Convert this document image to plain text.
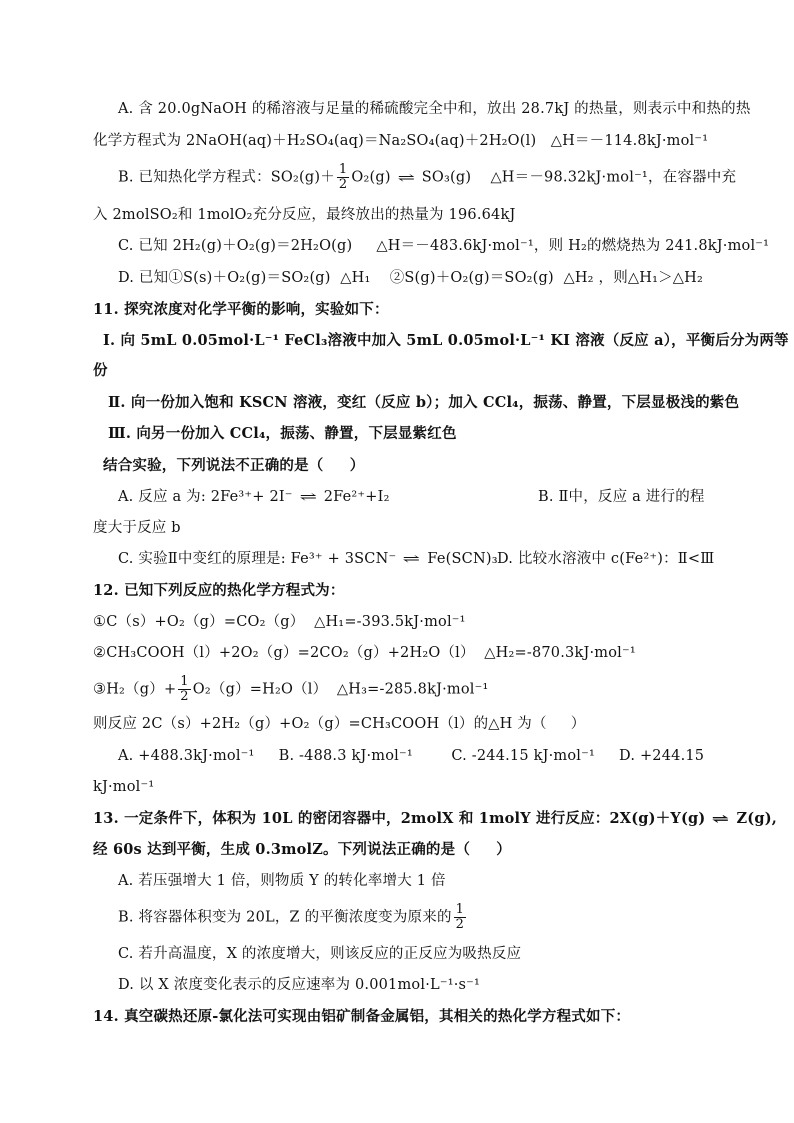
A. 含 20.0gNaOH 的稀溶液与足量的稀硫酸完全中和，放出 28.7kJ 的热量，则表示中和热的热
化学方程式为 2NaOH(aq)＋H₂SO₄(aq)＝Na₂SO₄(aq)＋2H₂O(l)   △H＝－114.8kJ·mol⁻¹
B. 已知热化学方程式：$SO_2(g)+ \frac{1}{2} O_2(g)$ ⇌ SO₃(g)    △H＝－98.32kJ·mol⁻¹，在容器中充
入 2molSO₂和 1molO₂充分反应，最终放出的热量为 196.64kJ
C. 已知 2H₂(g)＋O₂(g)＝2H₂O(g)     △H＝－483.6kJ·mol⁻¹，则 H₂的燃烧热为 241.8kJ·mol⁻¹
D. 已知①S(s)＋O₂(g)＝SO₂(g)  △H₁    ②S(g)＋O₂(g)＝SO₂(g)  △H₂ ，则△H₁＞△H₂
11. 探究浓度对化学平衡的影响，实验如下：
Ⅰ. 向 5mL 0.05mol·L⁻¹ FeCl₃溶液中加入 5mL 0.05mol·L⁻¹ KI 溶液（反应 a），平衡后分为两等
份
Ⅱ. 向一份加入饱和 KSCN 溶液，变红（反应 b）；加入 CCl₄，振荡、静置，下层显极浅的紫色
Ⅲ. 向另一份加入 CCl₄，振荡、静置，下层显紫红色
结合实验，下列说法不正确的是（     ）
A. 反应 a 为: 2Fe³⁺+ 2I⁻ ⇌ 2Fe²⁺+I₂	B. Ⅱ中，反应 a 进行的程
度大于反应 b
C. 实验Ⅱ中变红的原理是: Fe³⁺ + 3SCN⁻ ⇌ Fe(SCN)₃ D. 比较水溶液中 c(Fe²⁺)：Ⅱ<Ⅲ
12. 已知下列反应的热化学方程式为：
①C（s）+O₂（g）=CO₂（g）  △H₁=-393.5kJ·mol⁻¹
②CH₃COOH（l）+2O₂（g）=2CO₂（g）+2H₂O（l）  △H₂=-870.3kJ·mol⁻¹
③H₂（g）+ $\frac{1}{2} O_2(g)=H_2O(l)$  △H₃=-285.8kJ·mol⁻¹
则反应 2C（s）+2H₂（g）+O₂（g）=CH₃COOH（l）的△H 为（     ）
A. +488.3kJ·mol⁻¹     B. -488.3 kJ·mol⁻¹        C. -244.15 kJ·mol⁻¹     D. +244.15
kJ·mol⁻¹
13. 一定条件下，体积为 10L 的密闭容器中，2molX 和 1molY 进行反应：2X(g)＋Y(g) ⇌ Z(g),
经 60s 达到平衡，生成 0.3molZ。下列说法正确的是（     ）
A. 若压强增大 1 倍，则物质 Y 的转化率增大 1 倍
B. 将容器体积变为 20L，Z 的平衡浓度变为原来的 $\frac{1}{2}$
C. 若升高温度，X 的浓度增大，则该反应的正反应为吸热反应
D. 以 X 浓度变化表示的反应速率为 0.001mol·L⁻¹·s⁻¹
14. 真空碳热还原-氯化法可实现由铝矿制备金属铝，其相关的热化学方程式如下：
